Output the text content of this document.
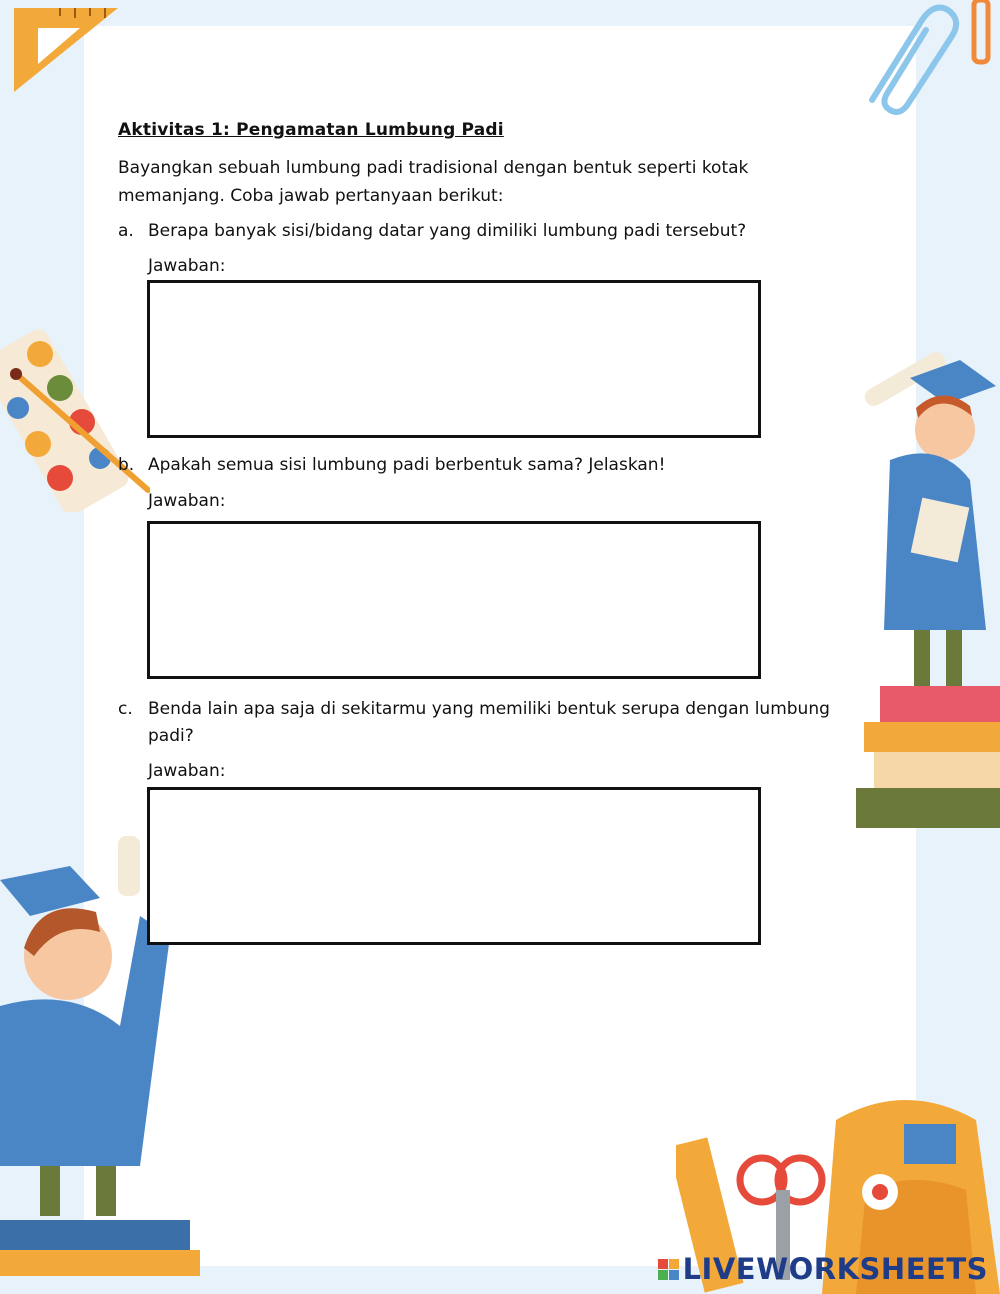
Aktivitas 1: Pengamatan Lumbung Padi
Bayangkan sebuah lumbung padi tradisional dengan bentuk seperti kotak memanjang. Coba jawab pertanyaan berikut:
a. Berapa banyak sisi/bidang datar yang dimiliki lumbung padi tersebut?
Jawaban:
b. Apakah semua sisi lumbung padi berbentuk sama? Jelaskan!
Jawaban:
c. Benda lain apa saja di sekitarmu yang memiliki bentuk serupa dengan lumbung padi?
Jawaban:
LIVEWORKSHEETS
